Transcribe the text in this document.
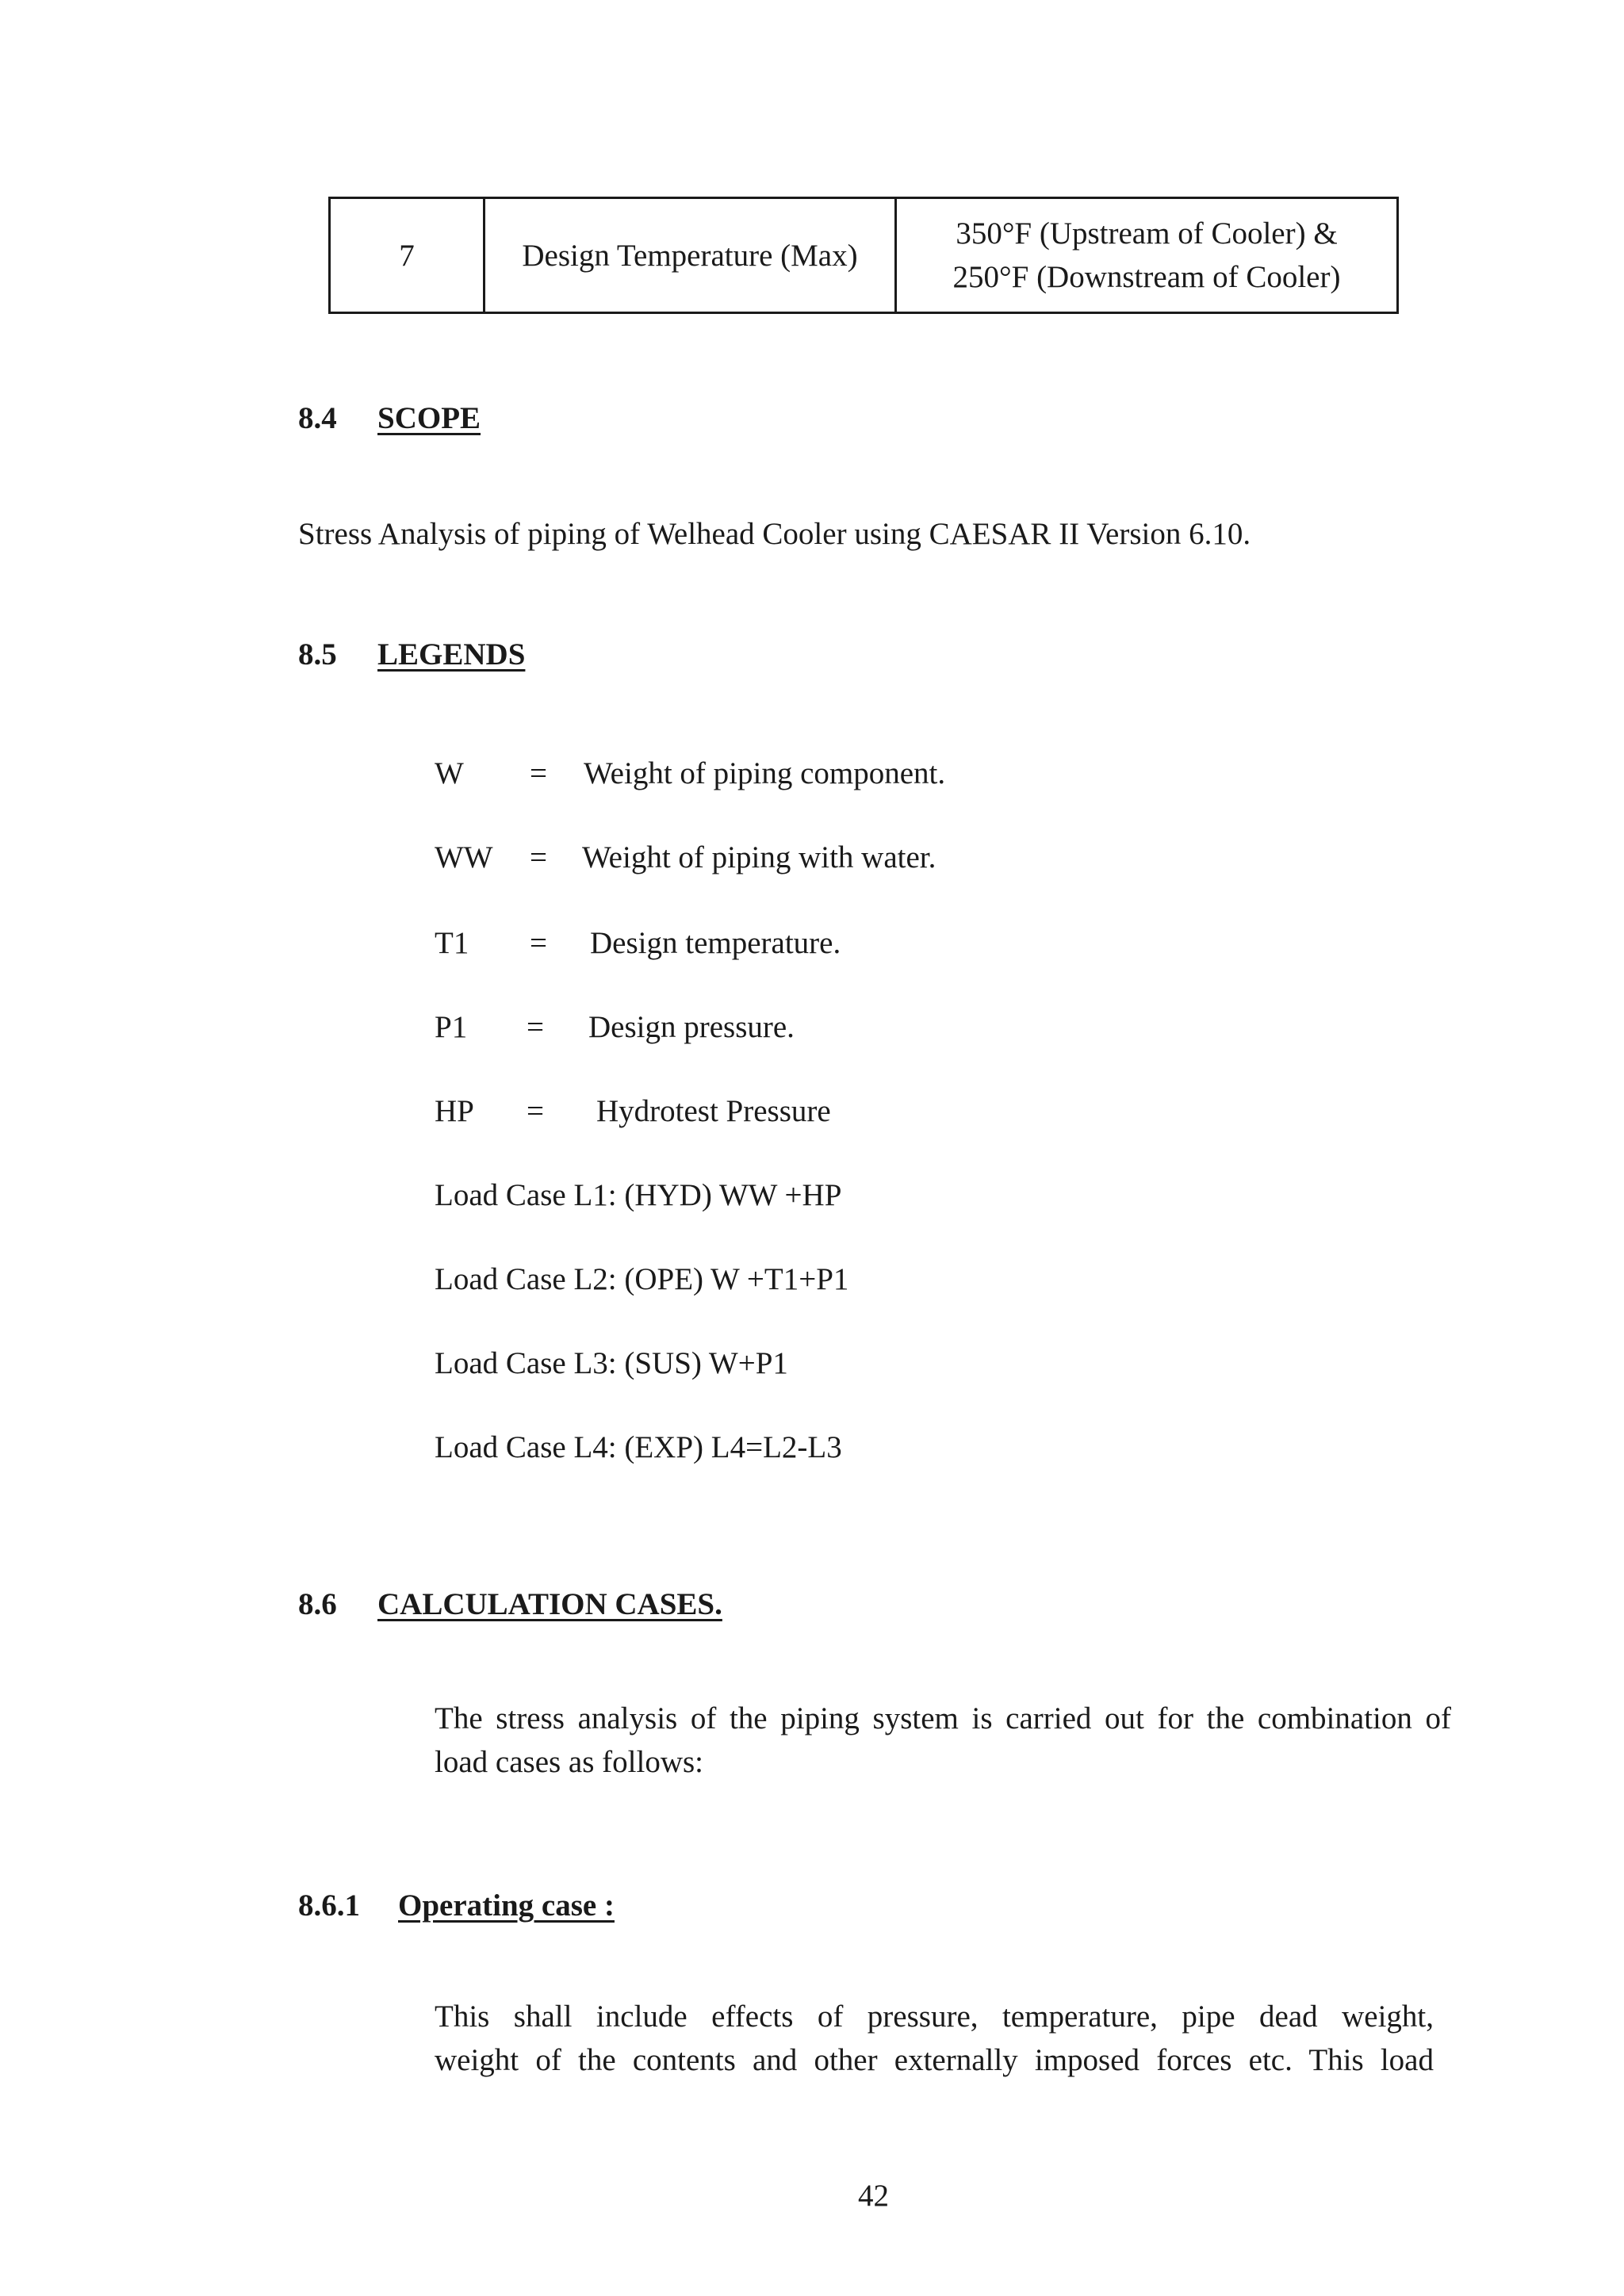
7	Design Temperature (Max)	350°F (Upstream of Cooler) &
250°F (Downstream of Cooler)
8.4 SCOPE
Stress Analysis of piping of Welhead Cooler using CAESAR II Version 6.10.
8.5 LEGENDS
W = Weight of piping component.
WW = Weight of piping with water.
T1 = Design temperature.
P1 = Design pressure.
HP = Hydrotest Pressure
Load Case L1: (HYD) WW +HP
Load Case L2: (OPE) W +T1+P1
Load Case L3: (SUS) W+P1
Load Case L4: (EXP) L4=L2-L3
8.6 CALCULATION CASES.
The stress analysis of the piping system is carried out for the combination of
load cases as follows:
8.6.1 Operating case :
This shall include effects of pressure, temperature, pipe dead weight,
weight of the contents and other externally imposed forces etc. This load
42
